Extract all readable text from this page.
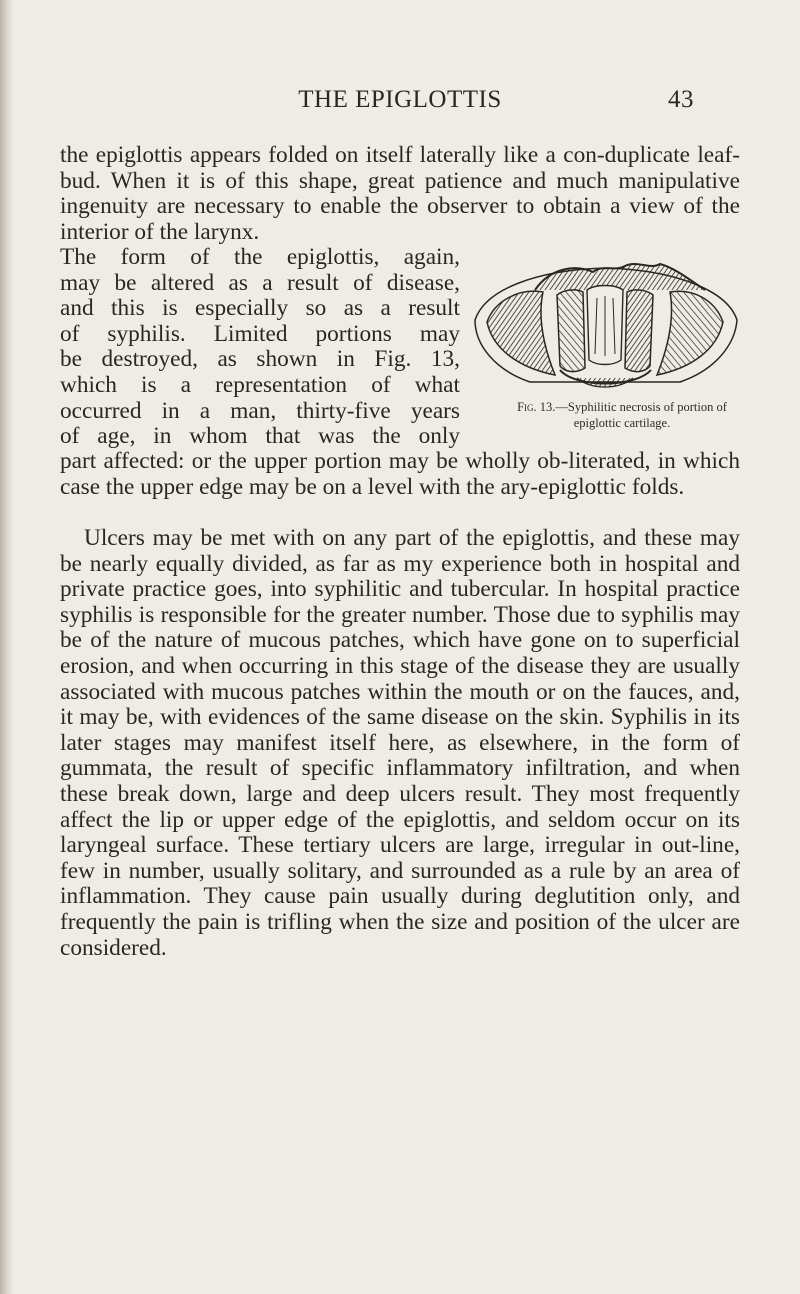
THE EPIGLOTTIS	43

the epiglottis appears folded on itself laterally like a con-duplicate leaf-bud. When it is of this shape, great patience and much manipulative ingenuity are necessary to enable the observer to obtain a view of the interior of the larynx.

The form of the epiglottis, again,
may be altered as a result of disease,
and this is especially so as a result
of syphilis. Limited portions may
be destroyed, as shown in Fig. 13,
which is a representation of what
occurred in a man, thirty-five years
of age, in whom that was the only
Fig. 13.—Syphilitic necrosis of portion of epiglottic cartilage.

part affected: or the upper portion may be wholly ob-literated, in which case the upper edge may be on a level with the ary-epiglottic folds.

Ulcers may be met with on any part of the epiglottis, and these may be nearly equally divided, as far as my experience both in hospital and private practice goes, into syphilitic and tubercular. In hospital practice syphilis is responsible for the greater number. Those due to syphilis may be of the nature of mucous patches, which have gone on to superficial erosion, and when occurring in this stage of the disease they are usually associated with mucous patches within the mouth or on the fauces, and, it may be, with evidences of the same disease on the skin. Syphilis in its later stages may manifest itself here, as elsewhere, in the form of gummata, the result of specific inflammatory infiltration, and when these break down, large and deep ulcers result. They most frequently affect the lip or upper edge of the epiglottis, and seldom occur on its laryngeal surface. These tertiary ulcers are large, irregular in out-line, few in number, usually solitary, and surrounded as a rule by an area of inflammation. They cause pain usually during deglutition only, and frequently the pain is trifling when the size and position of the ulcer are considered.
